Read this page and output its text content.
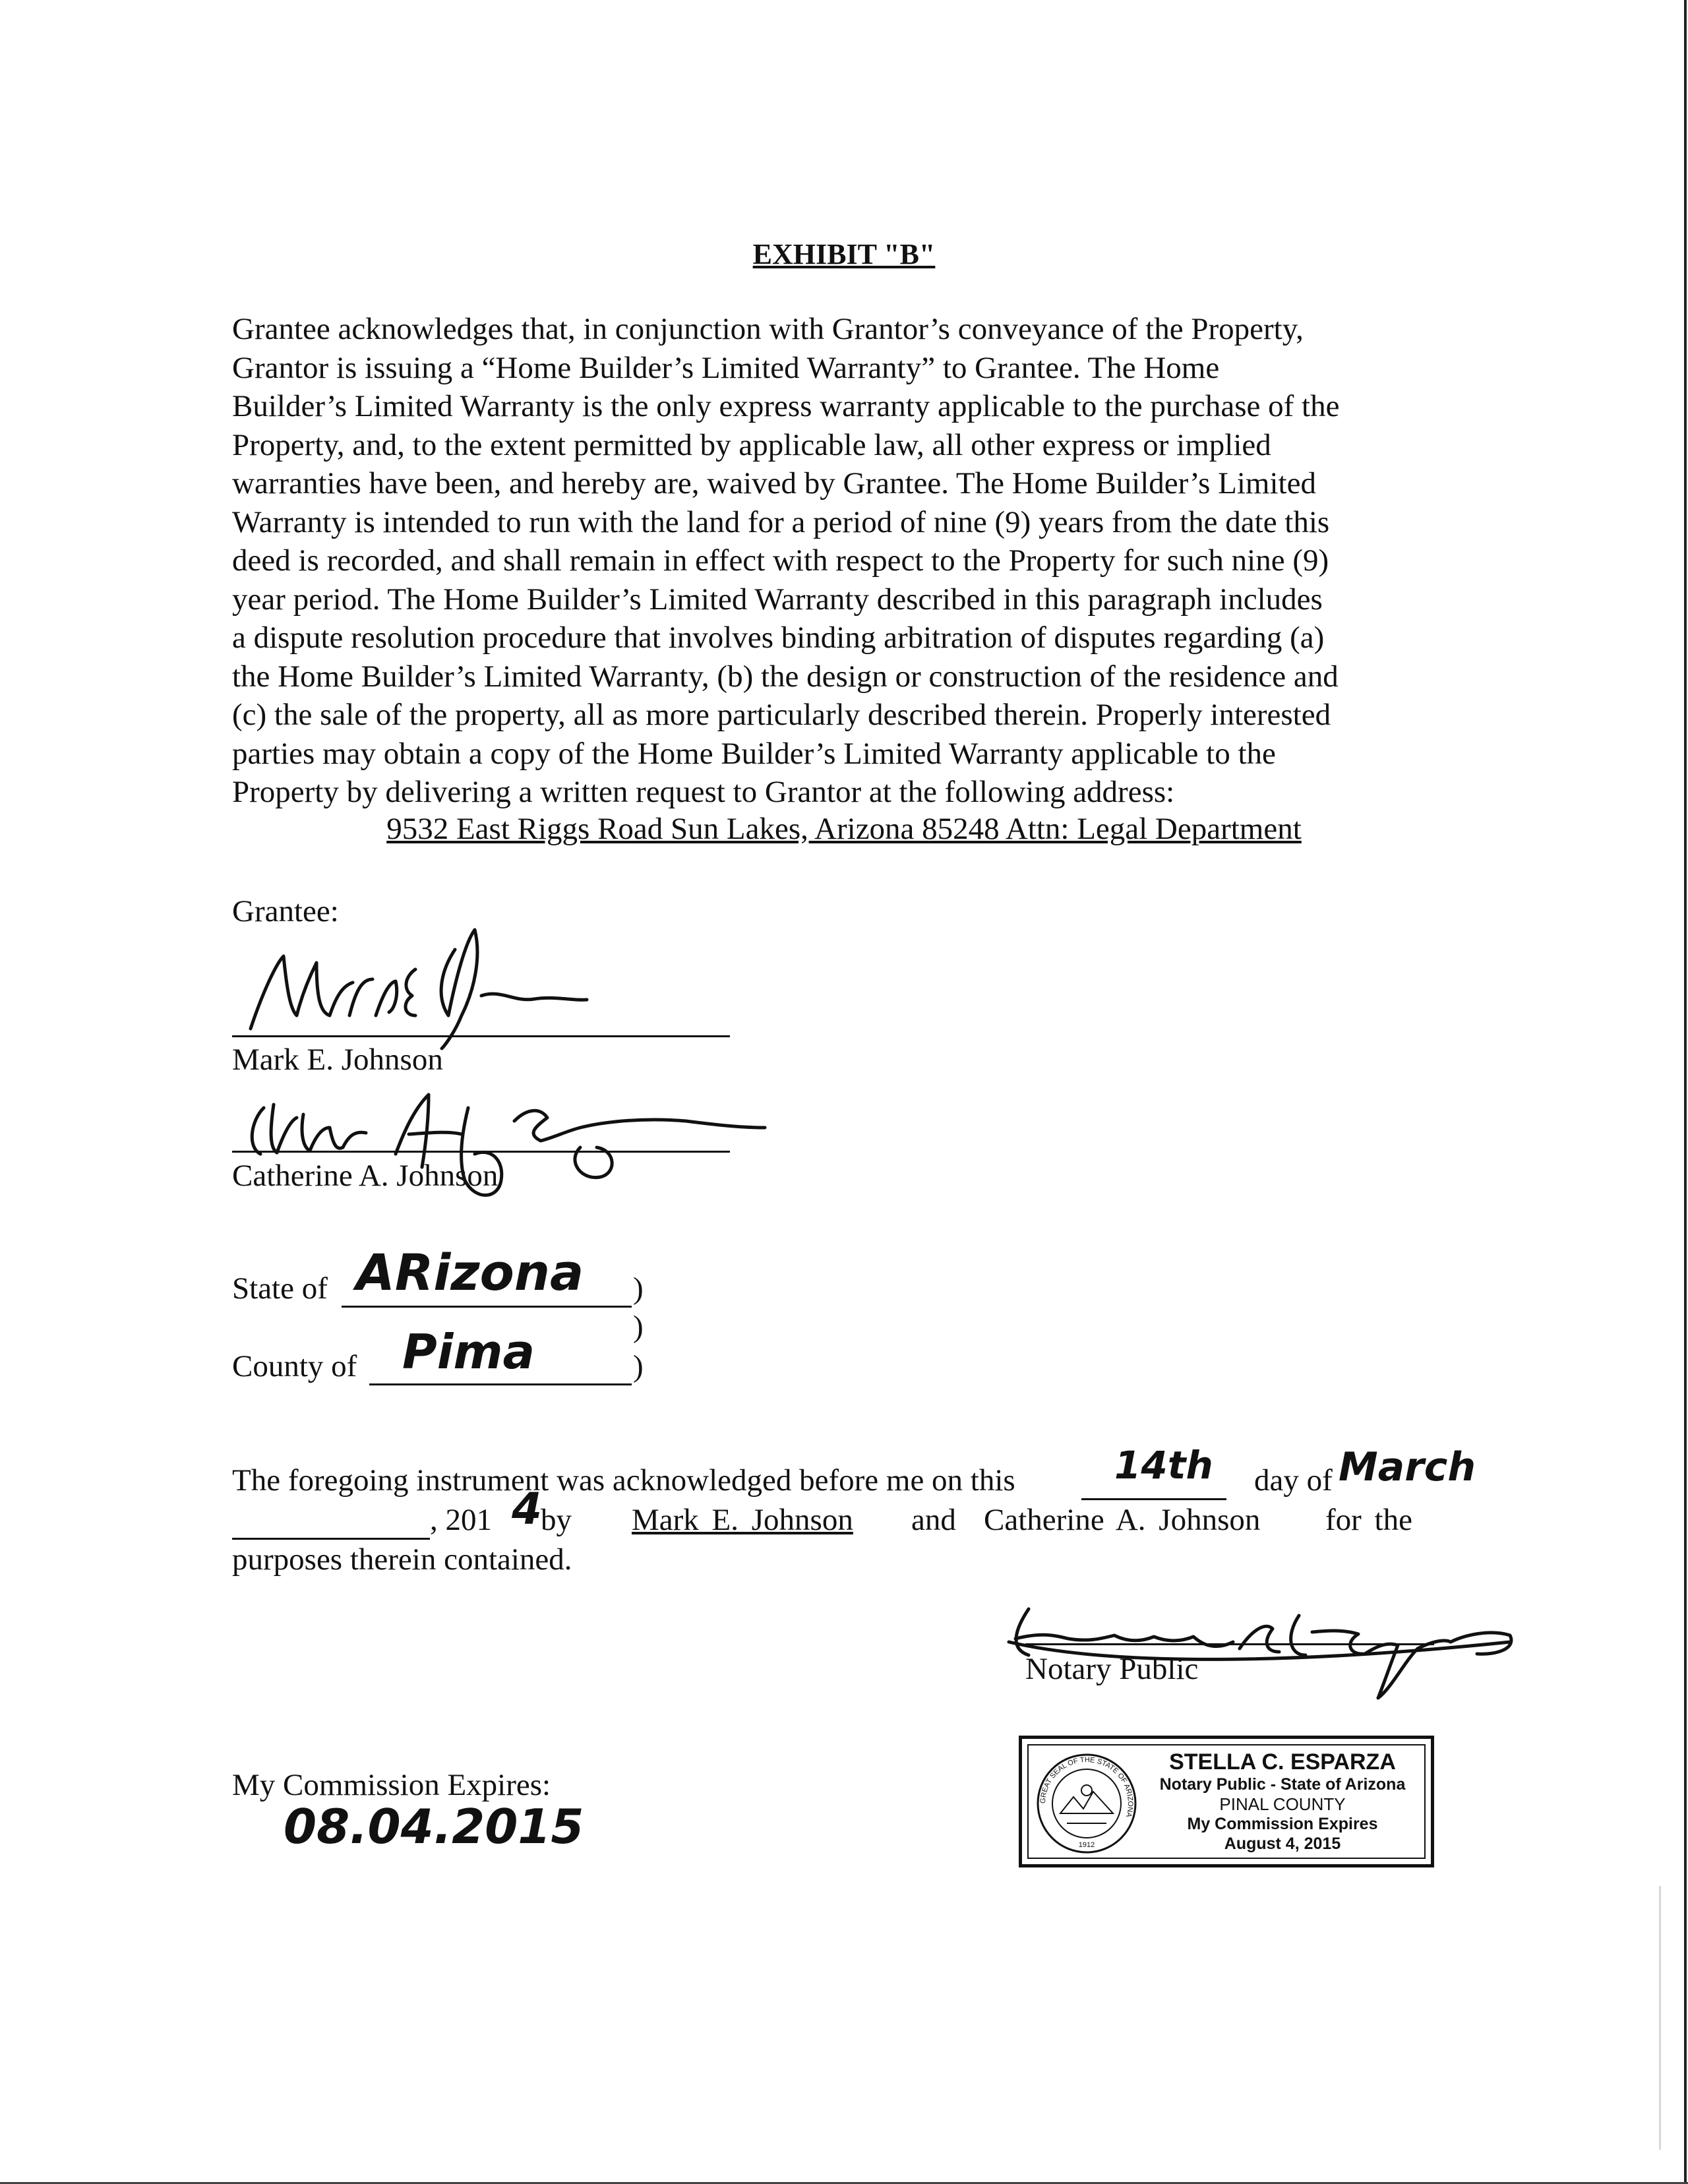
EXHIBIT "B"
Grantee acknowledges that, in conjunction with Grantor’s conveyance of the Property,
Grantor is issuing a “Home Builder’s Limited Warranty” to Grantee. The Home
Builder’s Limited Warranty is the only express warranty applicable to the purchase of the
Property, and, to the extent permitted by applicable law, all other express or implied
warranties have been, and hereby are, waived by Grantee. The Home Builder’s Limited
Warranty is intended to run with the land for a period of nine (9) years from the date this
deed is recorded, and shall remain in effect with respect to the Property for such nine (9)
year period. The Home Builder’s Limited Warranty described in this paragraph includes
a dispute resolution procedure that involves binding arbitration of disputes regarding (a)
the Home Builder’s Limited Warranty, (b) the design or construction of the residence and
(c) the sale of the property, all as more particularly described therein. Properly interested
parties may obtain a copy of the Home Builder’s Limited Warranty applicable to the
Property by delivering a written request to Grantor at the following address:
9532 East Riggs Road Sun Lakes, Arizona 85248 Attn: Legal Department
Grantee:
Mark E. Johnson
Catherine A. Johnson
State of ARizona )
)
County of Pima	)
The foregoing instrument was acknowledged before me on this	14th day of March
, 201 4
by Mark E. Johnson and Catherine A. Johnson for the
purposes therein contained.
Notary Public
My Commission Expires:
08.04.2015	GREAT SEAL OF THE STATE OF ARIZONA
1912
STELLA C. ESPARZA
Notary Public - State of Arizona
PINAL COUNTY
My Commission Expires
August 4, 2015
